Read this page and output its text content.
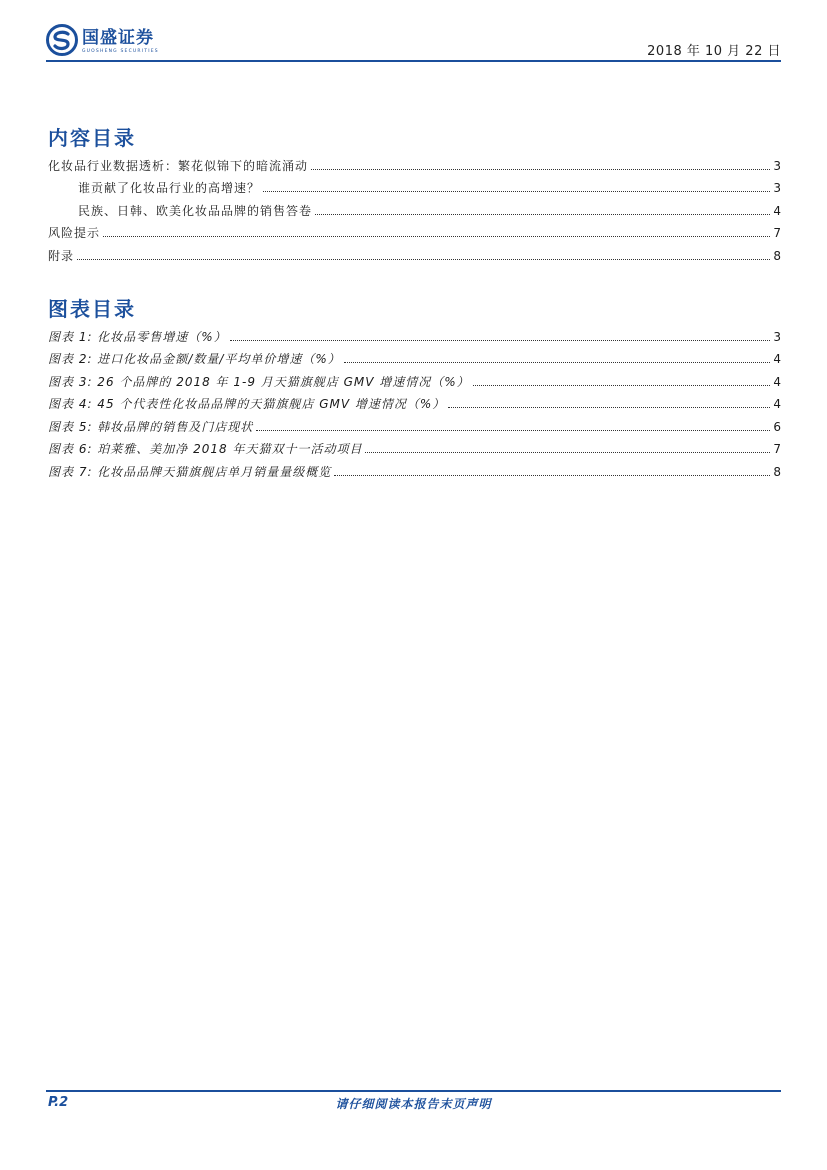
国盛证券
GUOSHENG SECURITIES	2018 年 10 月 22 日
内容目录
化妆品行业数据透析：繁花似锦下的暗流涌动	3
谁贡献了化妆品行业的高增速？	3
民族、日韩、欧美化妆品品牌的销售答卷	4
风险提示	7
附录	8
图表目录
图表 1: 化妆品零售增速（%）	3
图表 2: 进口化妆品金额/数量/平均单价增速（%）	4
图表 3: 26 个品牌的 2018 年 1-9 月天猫旗舰店 GMV 增速情况（%）	4
图表 4: 45 个代表性化妆品品牌的天猫旗舰店 GMV 增速情况（%）	4
图表 5: 韩妆品牌的销售及门店现状	6
图表 6: 珀莱雅、美加净 2018 年天猫双十一活动项目	7
图表 7: 化妆品品牌天猫旗舰店单月销量量级概览	8
P.2	请仔细阅读本报告末页声明
